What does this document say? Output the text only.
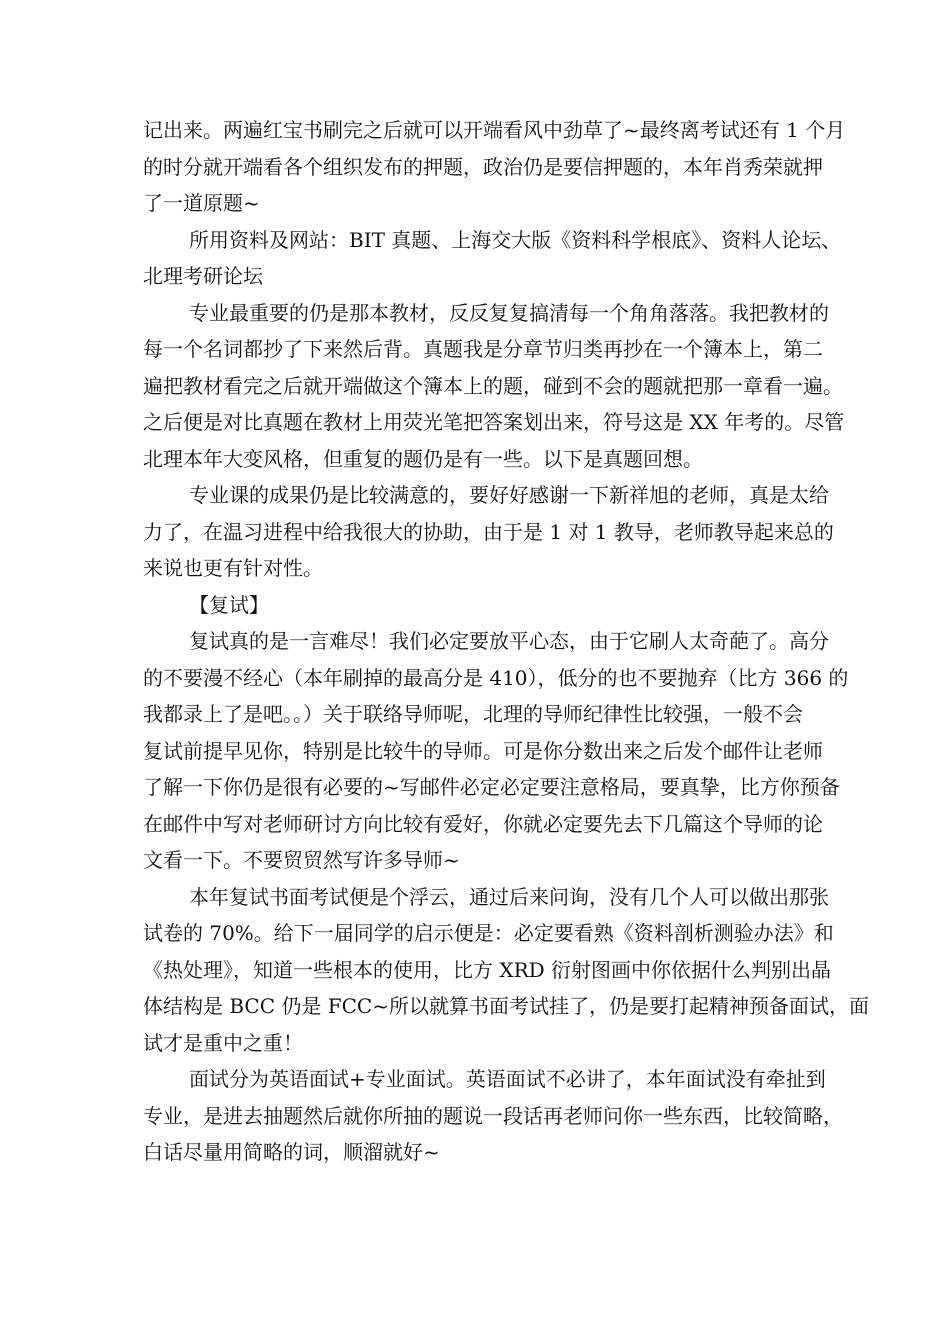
记出来。两遍红宝书刷完之后就可以开端看风中劲草了~最终离考试还有 1 个月
的时分就开端看各个组织发布的押题，政治仍是要信押题的，本年肖秀荣就押
了一道原题~

所用资料及网站：BIT 真题、上海交大版《资料科学根底》、资料人论坛、
北理考研论坛

专业最重要的仍是那本教材，反反复复搞清每一个角角落落。我把教材的
每一个名词都抄了下来然后背。真题我是分章节归类再抄在一个簿本上，第二
遍把教材看完之后就开端做这个簿本上的题，碰到不会的题就把那一章看一遍。
之后便是对比真题在教材上用荧光笔把答案划出来，符号这是 XX 年考的。尽管
北理本年大变风格，但重复的题仍是有一些。以下是真题回想。

专业课的成果仍是比较满意的，要好好感谢一下新祥旭的老师，真是太给
力了，在温习进程中给我很大的协助，由于是 1 对 1 教导，老师教导起来总的
来说也更有针对性。

【复试】

复试真的是一言难尽！我们必定要放平心态，由于它刷人太奇葩了。高分
的不要漫不经心（本年刷掉的最高分是 410），低分的也不要抛弃（比方 366 的
我都录上了是吧。。）关于联络导师呢，北理的导师纪律性比较强，一般不会
复试前提早见你，特别是比较牛的导师。可是你分数出来之后发个邮件让老师
了解一下你仍是很有必要的~写邮件必定必定要注意格局，要真挚，比方你预备
在邮件中写对老师研讨方向比较有爱好，你就必定要先去下几篇这个导师的论
文看一下。不要贸贸然写许多导师~

本年复试书面考试便是个浮云，通过后来问询，没有几个人可以做出那张
试卷的 70%。给下一届同学的启示便是：必定要看熟《资料剖析测验办法》和
《热处理》，知道一些根本的使用，比方 XRD 衍射图画中你依据什么判别出晶
体结构是 BCC 仍是 FCC~所以就算书面考试挂了，仍是要打起精神预备面试，面
试才是重中之重！

面试分为英语面试+专业面试。英语面试不必讲了，本年面试没有牵扯到
专业，是进去抽题然后就你所抽的题说一段话再老师问你一些东西，比较简略，
白话尽量用简略的词，顺溜就好~
